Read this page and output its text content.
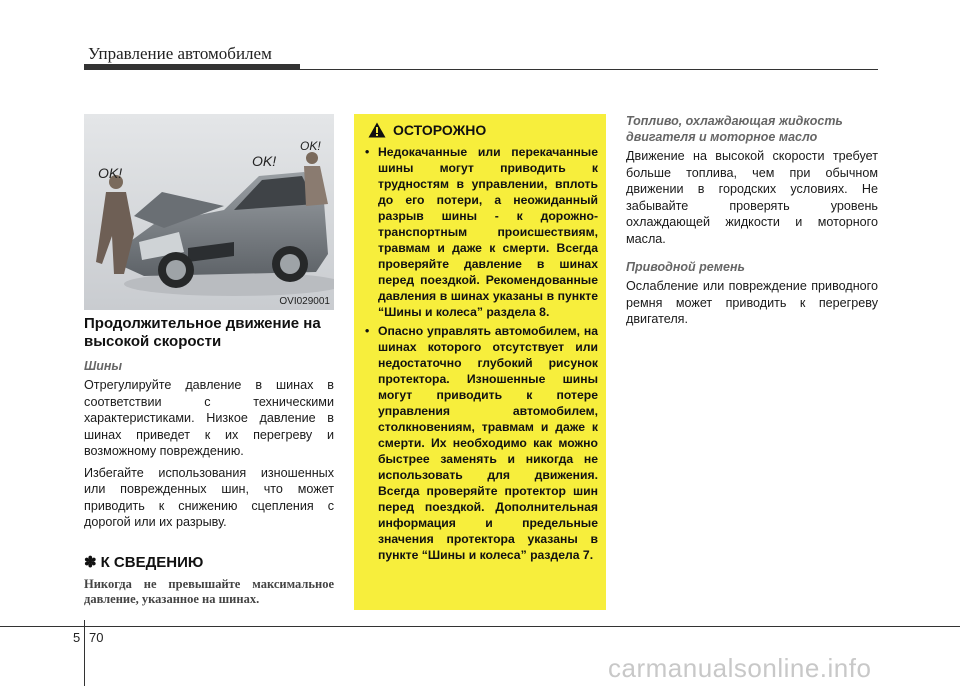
Управление автомобилем
OK!
OK!
OK!
OVI029001
Продолжительное движение на высокой скорости
Шины

Отрегулируйте давление в шинах в соответствии с техническими характеристиками. Низкое давление в шинах приведет к их перегреву и возможному повреждению.

Избегайте использования изношенных или поврежденных шин, что может приводить к снижению сцепления с дорогой или их разрыву.

✽ К СВЕДЕНИЮ

Никогда не превышайте максимальное давление, указанное на шинах.

ОСТОРОЖНО
• Недокачанные или перекачанные шины могут приводить к трудностям в управлении, вплоть до его потери, а неожиданный разрыв шины - к дорожно-транспортным происшествиям, травмам и даже к смерти. Всегда проверяйте давление в шинах перед поездкой. Рекомендованные давления в шинах указаны в пункте “Шины и колеса” раздела 8.
• Опасно управлять автомобилем, на шинах которого отсутствует или недостаточно глубокий рисунок протектора. Изношенные шины могут приводить к потере управления автомобилем, столкновениям, травмам и даже к смерти. Их необходимо как можно быстрее заменять и никогда не использовать для движения. Всегда проверяйте протектор шин перед поездкой. Дополнительная информация и предельные значения протектора указаны в пункте “Шины и колеса” раздела 7.
Топливо, охлаждающая жидкость двигателя и моторное масло

Движение на высокой скорости требует больше топлива, чем при обычном движении в городских условиях. Не забывайте проверять уровень охлаждающей жидкости и моторного масла.

Приводной ремень

Ослабление или повреждение приводного ремня может приводить к перегреву двигателя.

5 70
carmanualsonline.info
